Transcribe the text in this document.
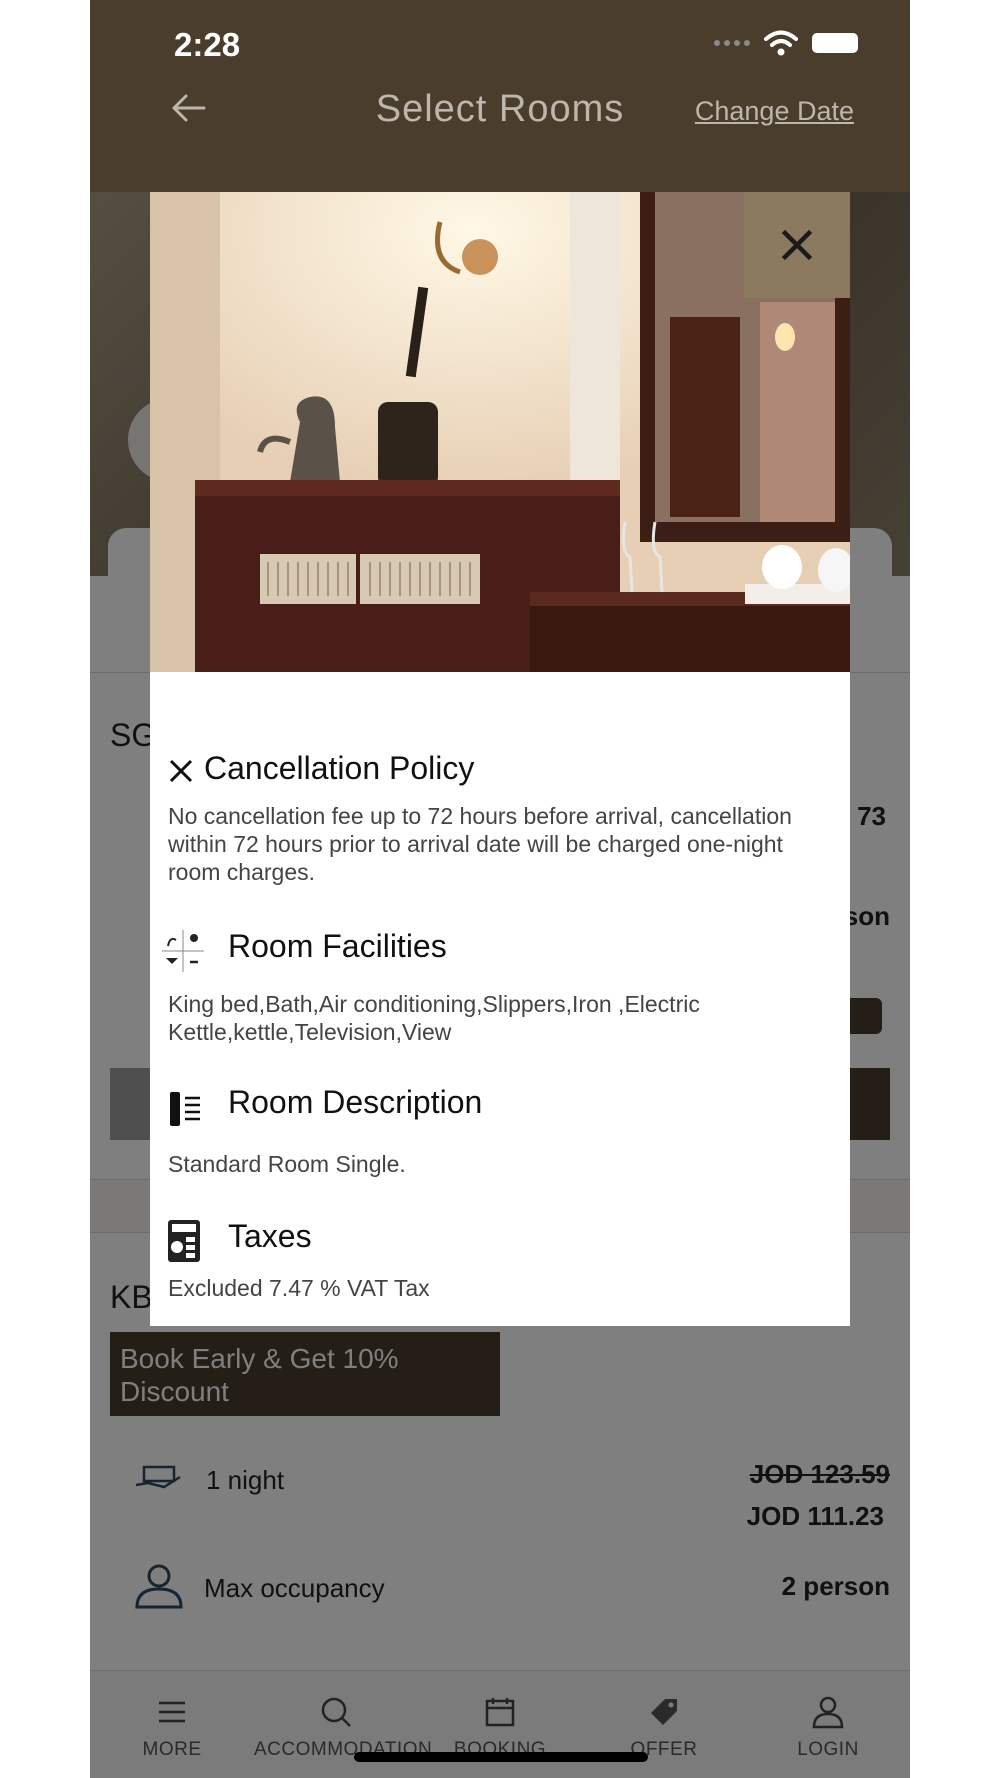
2:28
Select Rooms	Change Date
Cancellation Policy
No cancellation fee up to 72 hours before arrival, cancellation within 72 hours prior to arrival date will be charged one-night room charges.
Room Facilities
King bed,Bath,Air conditioning,Slippers,Iron ,Electric Kettle,kettle,Television,View
Room Description
Standard Room Single.
Taxes
Excluded 7.47 % VAT Tax
